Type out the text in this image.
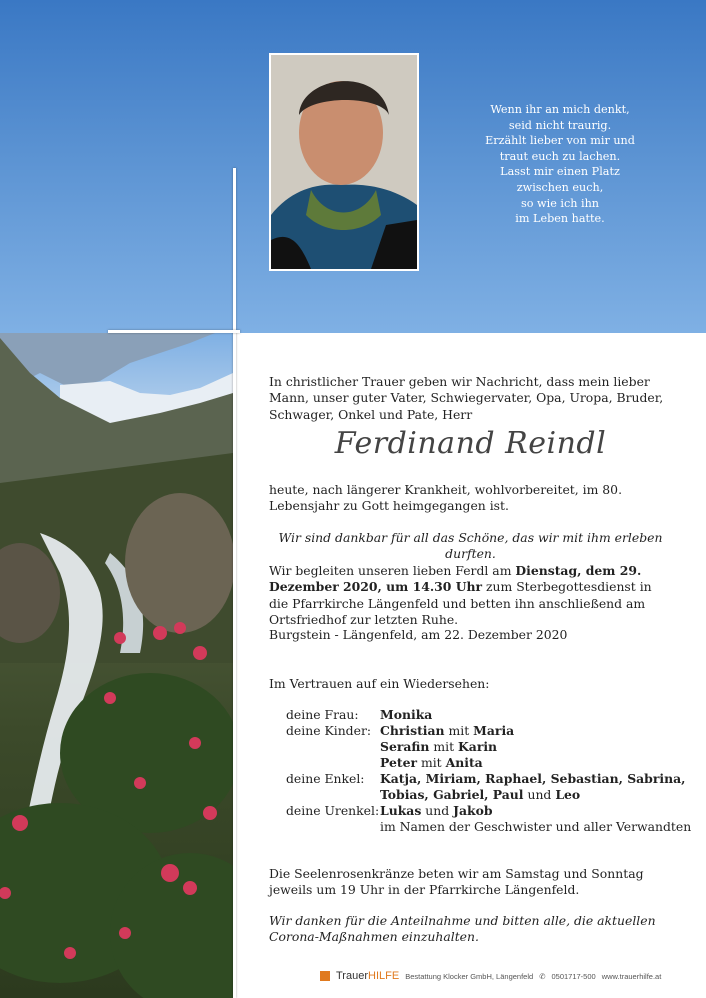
Wenn ihr an mich denkt,
seid nicht traurig.
Erzählt lieber von mir und
traut euch zu lachen.
Lasst mir einen Platz
zwischen euch,
so wie ich ihn
im Leben hatte.
In christlicher Trauer geben wir Nachricht, dass mein lieber Mann, unser guter Vater, Schwiegervater, Opa, Uropa, Bruder, Schwager, Onkel und Pate, Herr
Ferdinand Reindl
heute, nach längerer Krankheit, wohlvorbereitet, im 80. Lebensjahr zu Gott heimgegangen ist.
Wir sind dankbar für all das Schöne, das wir mit ihm erleben durften.
Wir begleiten unseren lieben Ferdl am Dienstag, dem 29. Dezember 2020, um 14.30 Uhr zum Sterbegottesdienst in die Pfarrkirche Längenfeld und betten ihn anschließend am Ortsfriedhof zur letzten Ruhe.
Burgstein - Längenfeld, am 22. Dezember 2020
Im Vertrauen auf ein Wiedersehen:
deine Frau: Monika
deine Kinder: Christian mit Maria
Serafin mit Karin
Peter mit Anita
deine Enkel: Katja, Miriam, Raphael, Sebastian, Sabrina,
Tobias, Gabriel, Paul und Leo
deine Urenkel: Lukas und Jakob
im Namen der Geschwister und aller Verwandten
Die Seelenrosenkränze beten wir am Samstag und Sonntag jeweils um 19 Uhr in der Pfarrkirche Längenfeld.
Wir danken für die Anteilnahme und bitten alle, die aktuellen Corona-Maßnahmen einzuhalten.
TrauerHILFE Bestattung Klocker GmbH, Längenfeld ✆ 0501717-500 www.trauerhilfe.at
